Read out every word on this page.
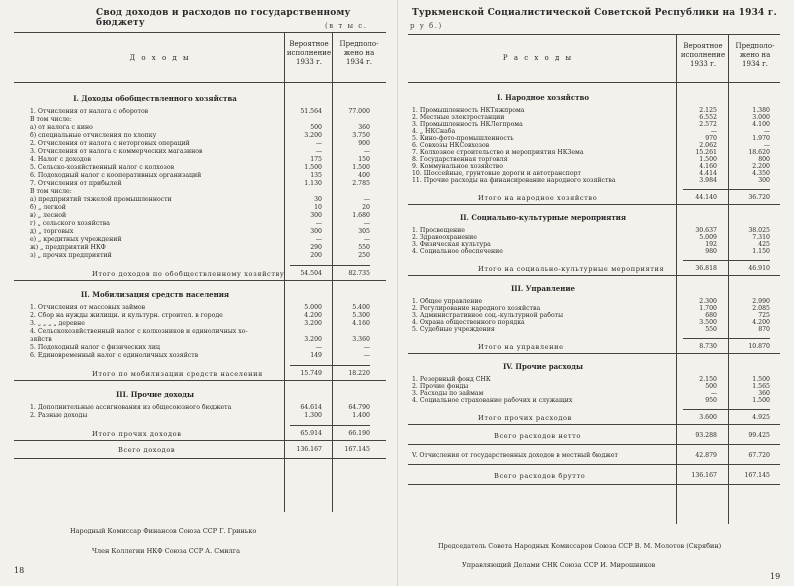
Свод доходов и расходов по государственному бюджету	(в т ы с.
Д о х о д ы
Вероятное
исполнение
1933 г.
Предполо-
жено на
1934 г.
I. Доходы обобществленного хозяйства
1. Отчисления от налога с оборотов	51.564	77.000
В том числе:
а) от налога с кино	500	360
б) специальные отчисления по хлопку	3.200	3.750
2. Отчисления от налога с неторговых операций	—	900
3. Отчисления от налога с коммерческих магазинов	—	—
4. Налог с доходов	175	150
5. Сельско-хозяйственный налог с колхозов	1.500	1.500
6. Подоходный налог с кооперативных организаций	135	400
7. Отчисления от прибылей	1.130	2.785
В том числе:
а) предприятий тяжелой промышленности	30	—
б) „ легкой	10	20
в) „ лесной	300	1.680
г) „ сельского хозяйства	—	—
д) „ торговых	300	305
е) „ кредитных учреждений	—	—
ж) „ предприятий НКФ	290	550
з) „ прочих предприятий	200	250
Итого доходов по обобществленному хозяйству	54.504	82.735
II. Мобилизация средств населения
1. Отчисления от массовых займов	5.000	5.400
2. Сбор на нужды жилищн. и культурн. строител. в городе	4.200	5.300
3. „ „ „ „ деревне	3.200	4.160
4. Сельскохозяйственный налог с колхозников и единоличных хо-
зяйств	3.200	3.360
5. Подоходный налог с физических лиц	—	—
6. Единовременный налог с единоличных хозяйств	149	—
Итого по мобилизации средств населения	15.749	18.220
III. Прочие доходы
1. Дополнительные ассигнования из общесоюзного бюджета	64.614	64.790
2. Разные доходы	1.300	1.400
Итого прочих доходов	65.914	66.190
Всего доходов	136.167	167.145
Народный Комиссар Финансов Союза ССР Г. Гринько
Член Коллегии НКФ Союза ССР А. Смилга
18
Туркменской Социалистической Советской Республики на 1934 г.
р у б.)
Р а с х о д ы
Вероятное
исполнение
1933 г.
Предполо-
жено на
1934 г.
I. Народное хозяйство
1. Промышленность НКТяжпрома	2.125	1.380
2. Местные электростанции	6.552	3.000
3. Промышленность НКЛегпрома	2.572	4.100
4. „ НКСнаба	—	—
5. Кино-фото-промышленность	970	1.970
6. Совхозы НКСовхозов	2.062	—
7. Колхозное строительство и мероприятия НКЗема	15.261	18.620
8. Государственная торговля	1.500	800
9. Коммунальное хозяйство	4.160	2.200
10. Шоссейные, грунтовые дороги и автотранспорт	4.414	4.350
11. Прочие расходы на финансирование народного хозяйства	3.984	300
Итого на народное хозяйство	44.140	36.720
II. Социально-культурные мероприятия
1. Просвещение	30.637	38.025
2. Здравоохранение	5.009	7.310
3. Физическая культура	192	425
4. Социальное обеспечение	980	1.150
Итого на социально-культурные мероприятия	36.818	46.910
III. Управление
1. Общее управление	2.300	2.990
2. Регулирование народного хозяйства	1.700	2.085
3. Административное соц.-культурной работы	680	725
4. Охрана общественного порядка	3.500	4.200
5. Судебные учреждения	550	870
Итого на управление	8.730	10.870
IV. Прочие расходы
1. Резервный фонд СНК	2.150	1.500
2. Прочие фонды	500	1.565
3. Расходы по займам	—	360
4. Социальное страхование рабочих и служащих	950	1.500
Итого прочих расходов	3.600	4.925
Всего расходов нетто	93.288	99.425
V. Отчисления от государственных доходов в местный бюджет	42.879	67.720
Всего расходов брутто	136.167	167.145
Председатель Совета Народных Комиссаров Союза ССР В. М. Молотов (Скрябин)
Управляющий Делами СНК Союза ССР И. Мирошников
19
